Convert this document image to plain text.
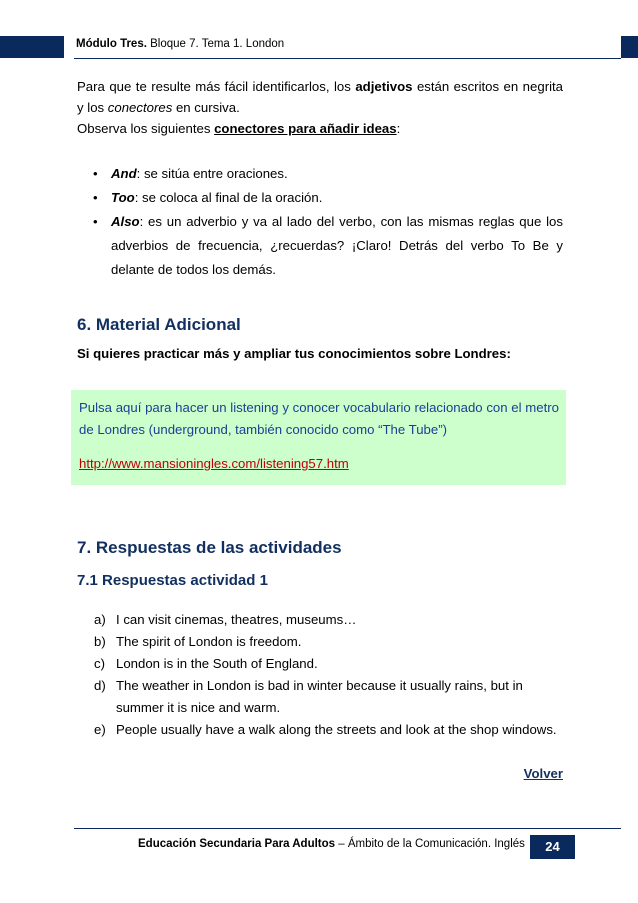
Módulo Tres. Bloque 7. Tema 1. London

Para que te resulte más fácil identificarlos, los adjetivos están escritos en negrita y los conectores en cursiva.

Observa los siguientes conectores para añadir ideas:

•	And: se sitúa entre oraciones.
•	Too: se coloca al final de la oración.
•	Also: es un adverbio y va al lado del verbo, con las mismas reglas que los adverbios de frecuencia, ¿recuerdas? ¡Claro! Detrás del verbo To Be y delante de todos los demás.
6. Material Adicional
Si quieres practicar más y ampliar tus conocimientos sobre Londres:
Pulsa aquí para hacer un listening y conocer vocabulario relacionado con el metro de Londres (underground, también conocido como “The Tube”)
http://www.mansioningles.com/listening57.htm
7. Respuestas de las actividades
7.1 Respuestas actividad 1
a) I can visit cinemas, theatres, museums…
b) The spirit of London is freedom.
c) London is in the South of England.
d) The weather in London is bad in winter because it usually rains, but in summer it is nice and warm.
e) People usually have a walk along the streets and look at the shop windows.
Volver
Educación Secundaria Para Adultos – Ámbito de la Comunicación. Inglés	24
